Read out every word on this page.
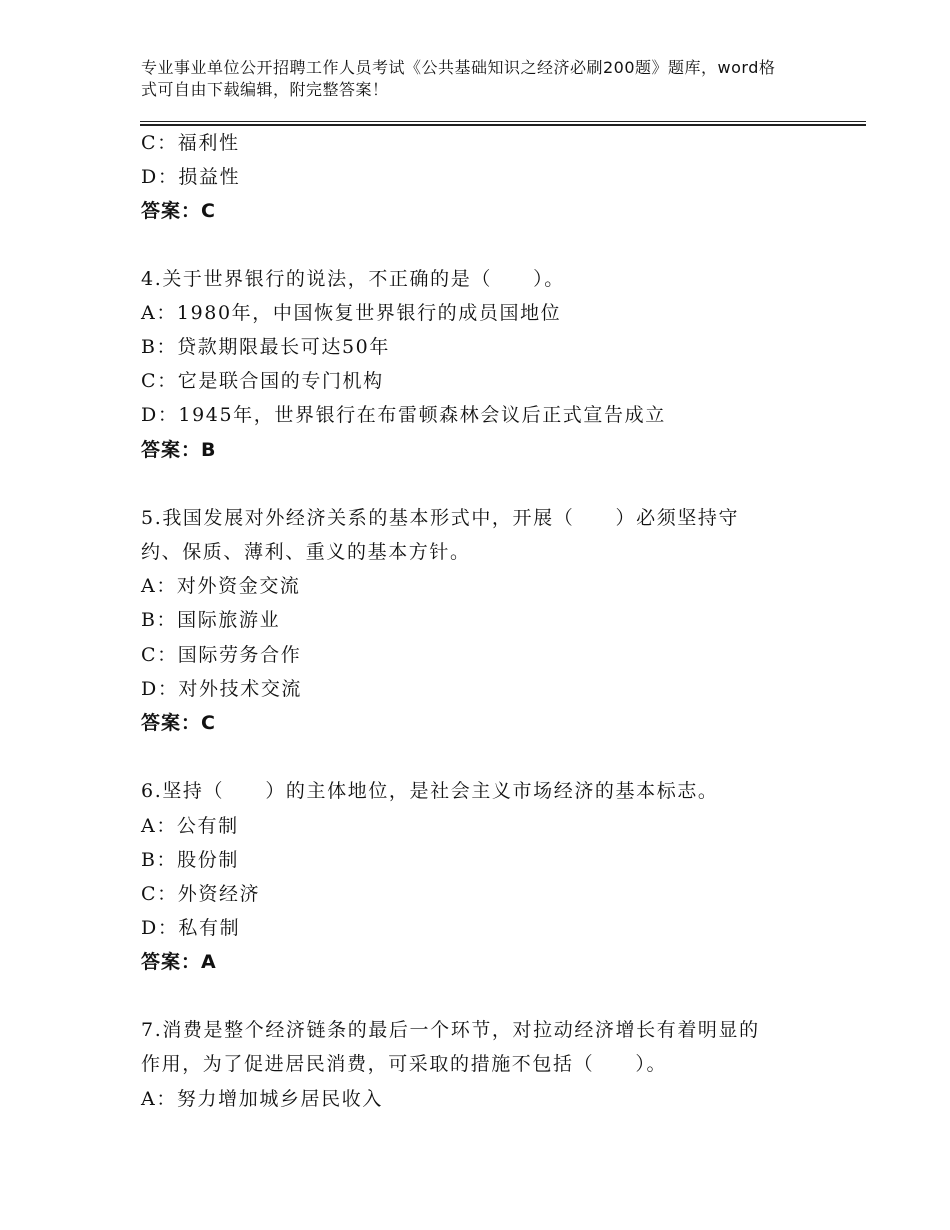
专业事业单位公开招聘工作人员考试《公共基础知识之经济必刷200题》题库，word格式可自由下载编辑，附完整答案！
C：福利性
D：损益性
答案：C
4.关于世界银行的说法，不正确的是（　　）。
A：1980年，中国恢复世界银行的成员国地位
B：贷款期限最长可达50年
C：它是联合国的专门机构
D：1945年，世界银行在布雷顿森林会议后正式宣告成立
答案：B
5.我国发展对外经济关系的基本形式中，开展（　　）必须坚持守
约、保质、薄利、重义的基本方针。
A：对外资金交流
B：国际旅游业
C：国际劳务合作
D：对外技术交流
答案：C
6.坚持（　　）的主体地位，是社会主义市场经济的基本标志。
A：公有制
B：股份制
C：外资经济
D：私有制
答案：A
7.消费是整个经济链条的最后一个环节，对拉动经济增长有着明显的
作用，为了促进居民消费，可采取的措施不包括（　　）。
A：努力增加城乡居民收入
